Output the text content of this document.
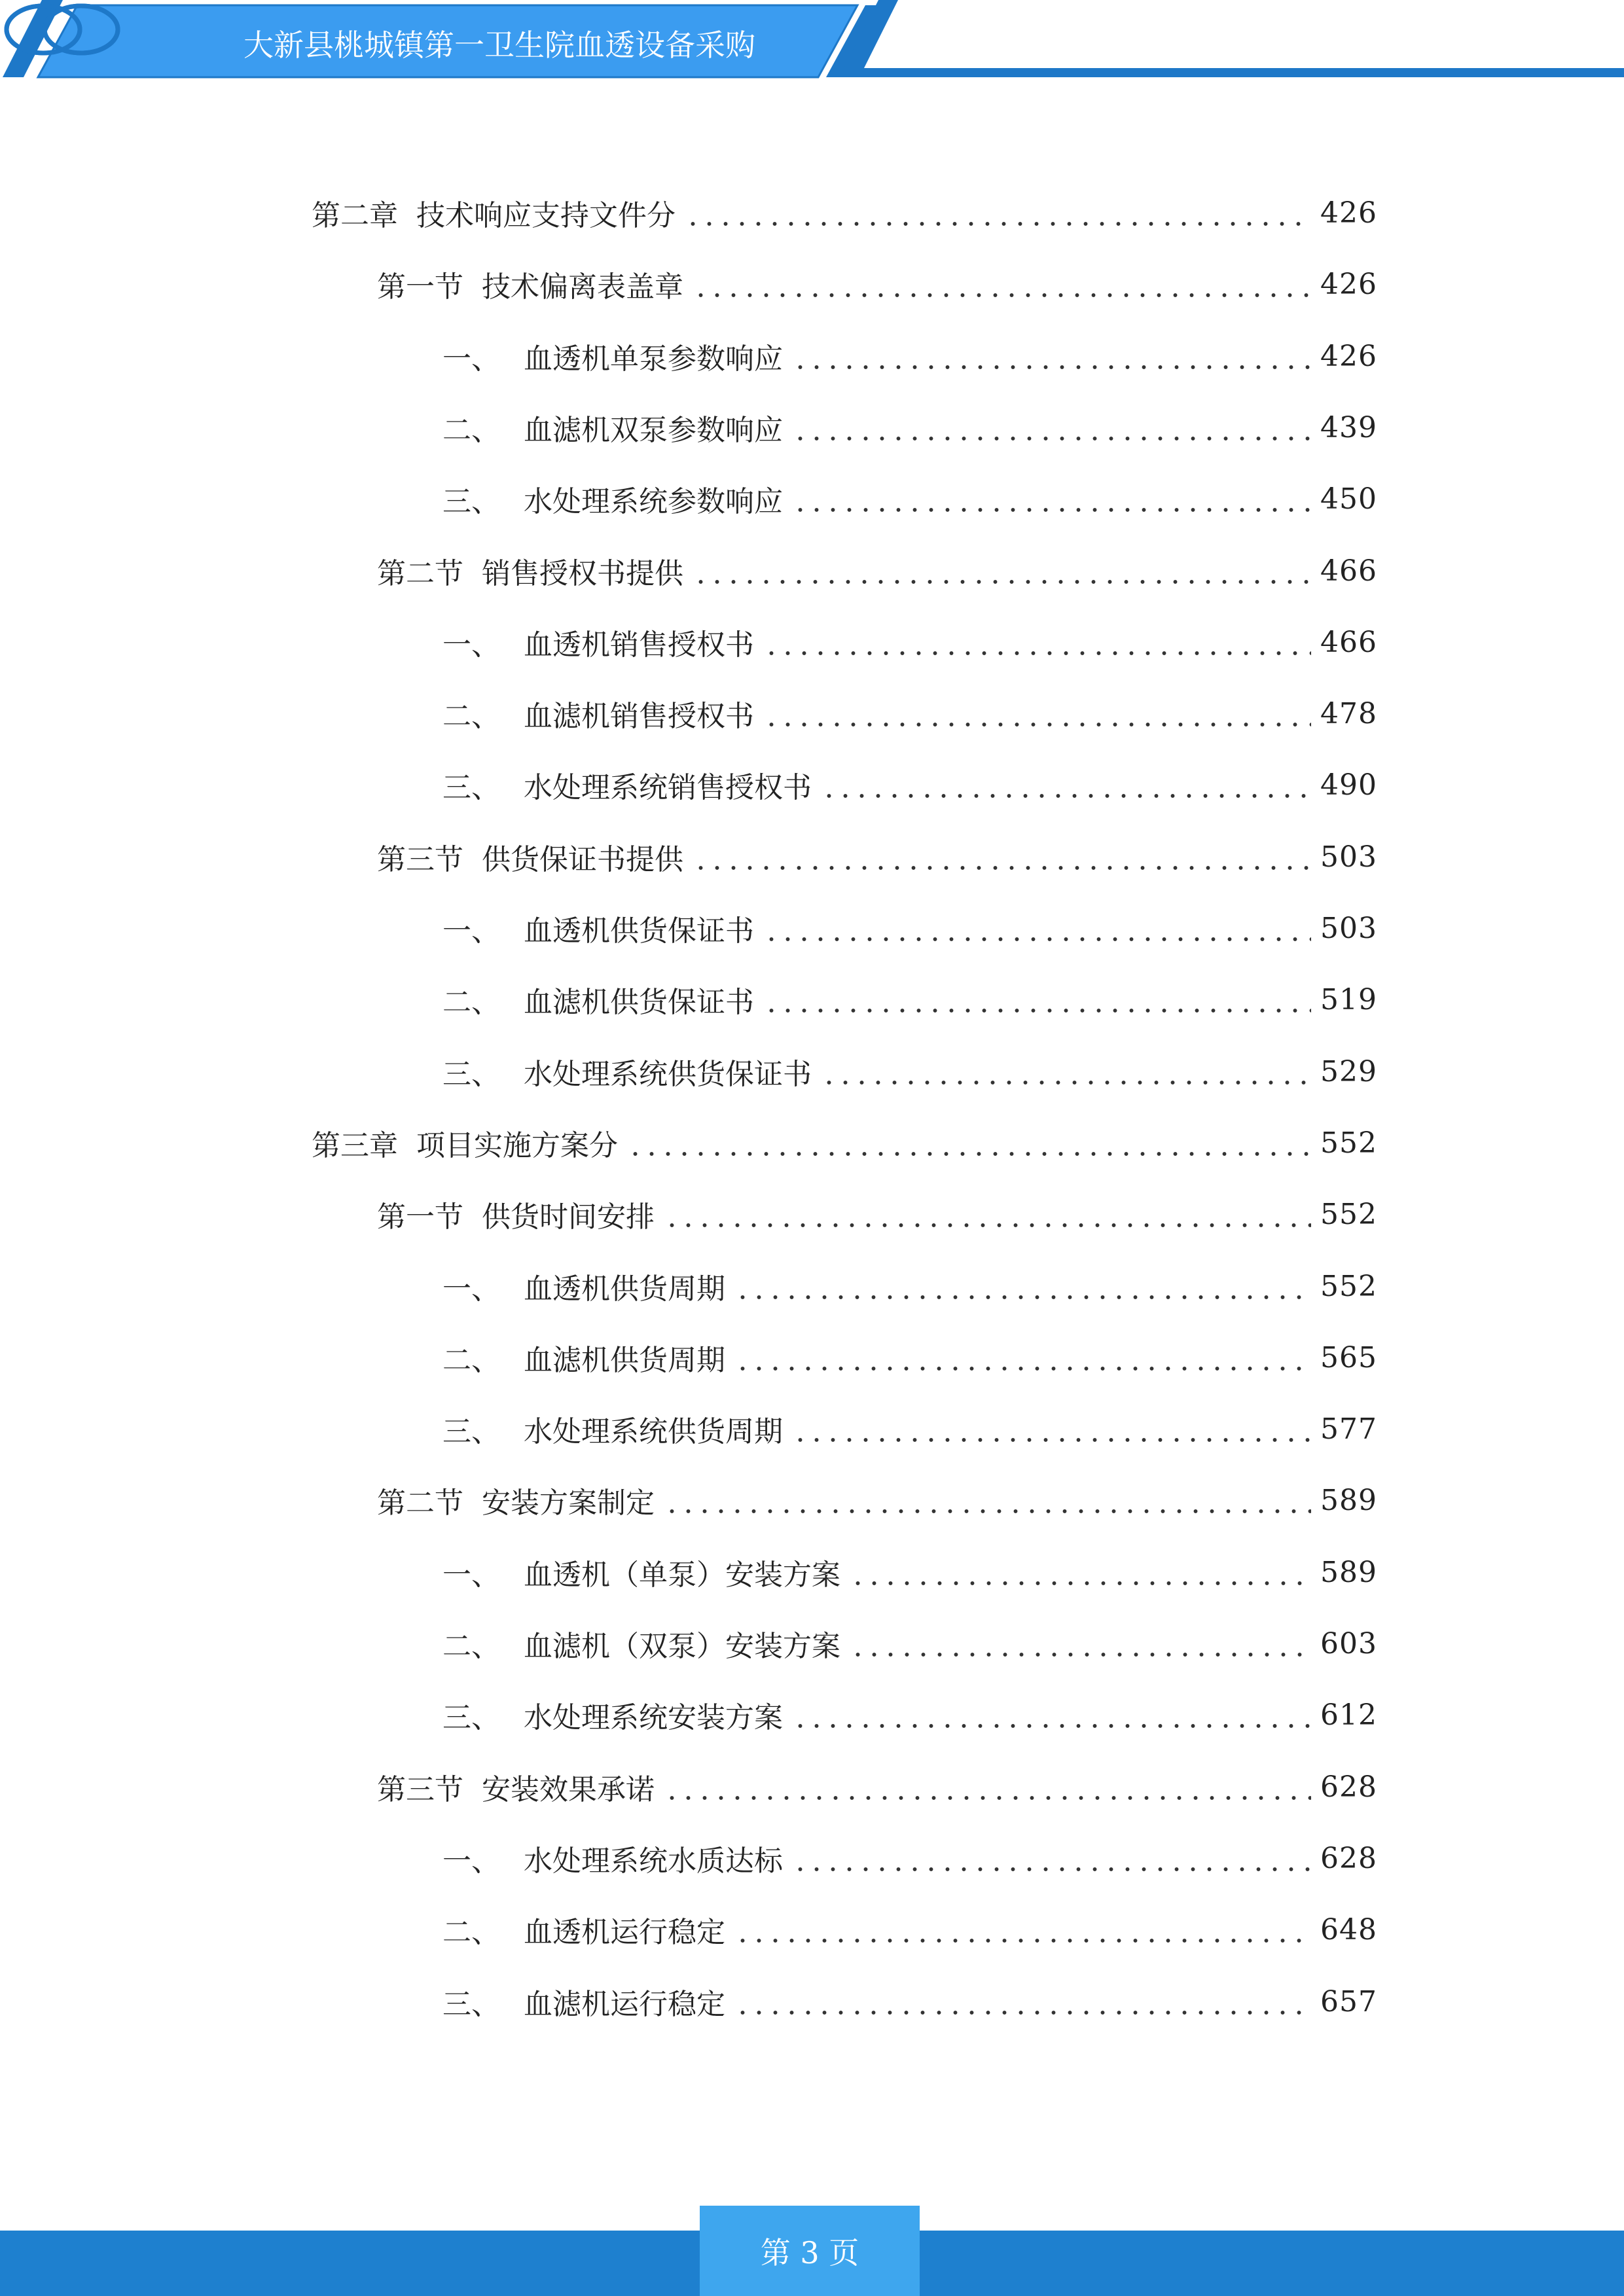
大新县桃城镇第一卫生院血透设备采购
第二章 技术响应支持文件分	426
第一节 技术偏离表盖章	426
一、 血透机单泵参数响应	426
二、 血滤机双泵参数响应	439
三、 水处理系统参数响应	450
第二节 销售授权书提供	466
一、 血透机销售授权书	466
二、 血滤机销售授权书	478
三、 水处理系统销售授权书	490
第三节 供货保证书提供	503
一、 血透机供货保证书	503
二、 血滤机供货保证书	519
三、 水处理系统供货保证书	529
第三章 项目实施方案分	552
第一节 供货时间安排	552
一、 血透机供货周期	552
二、 血滤机供货周期	565
三、 水处理系统供货周期	577
第二节 安装方案制定	589
一、 血透机（单泵）安装方案	589
二、 血滤机（双泵）安装方案	603
三、 水处理系统安装方案	612
第三节 安装效果承诺	628
一、 水处理系统水质达标	628
二、 血透机运行稳定	648
三、 血滤机运行稳定	657
第 3 页
